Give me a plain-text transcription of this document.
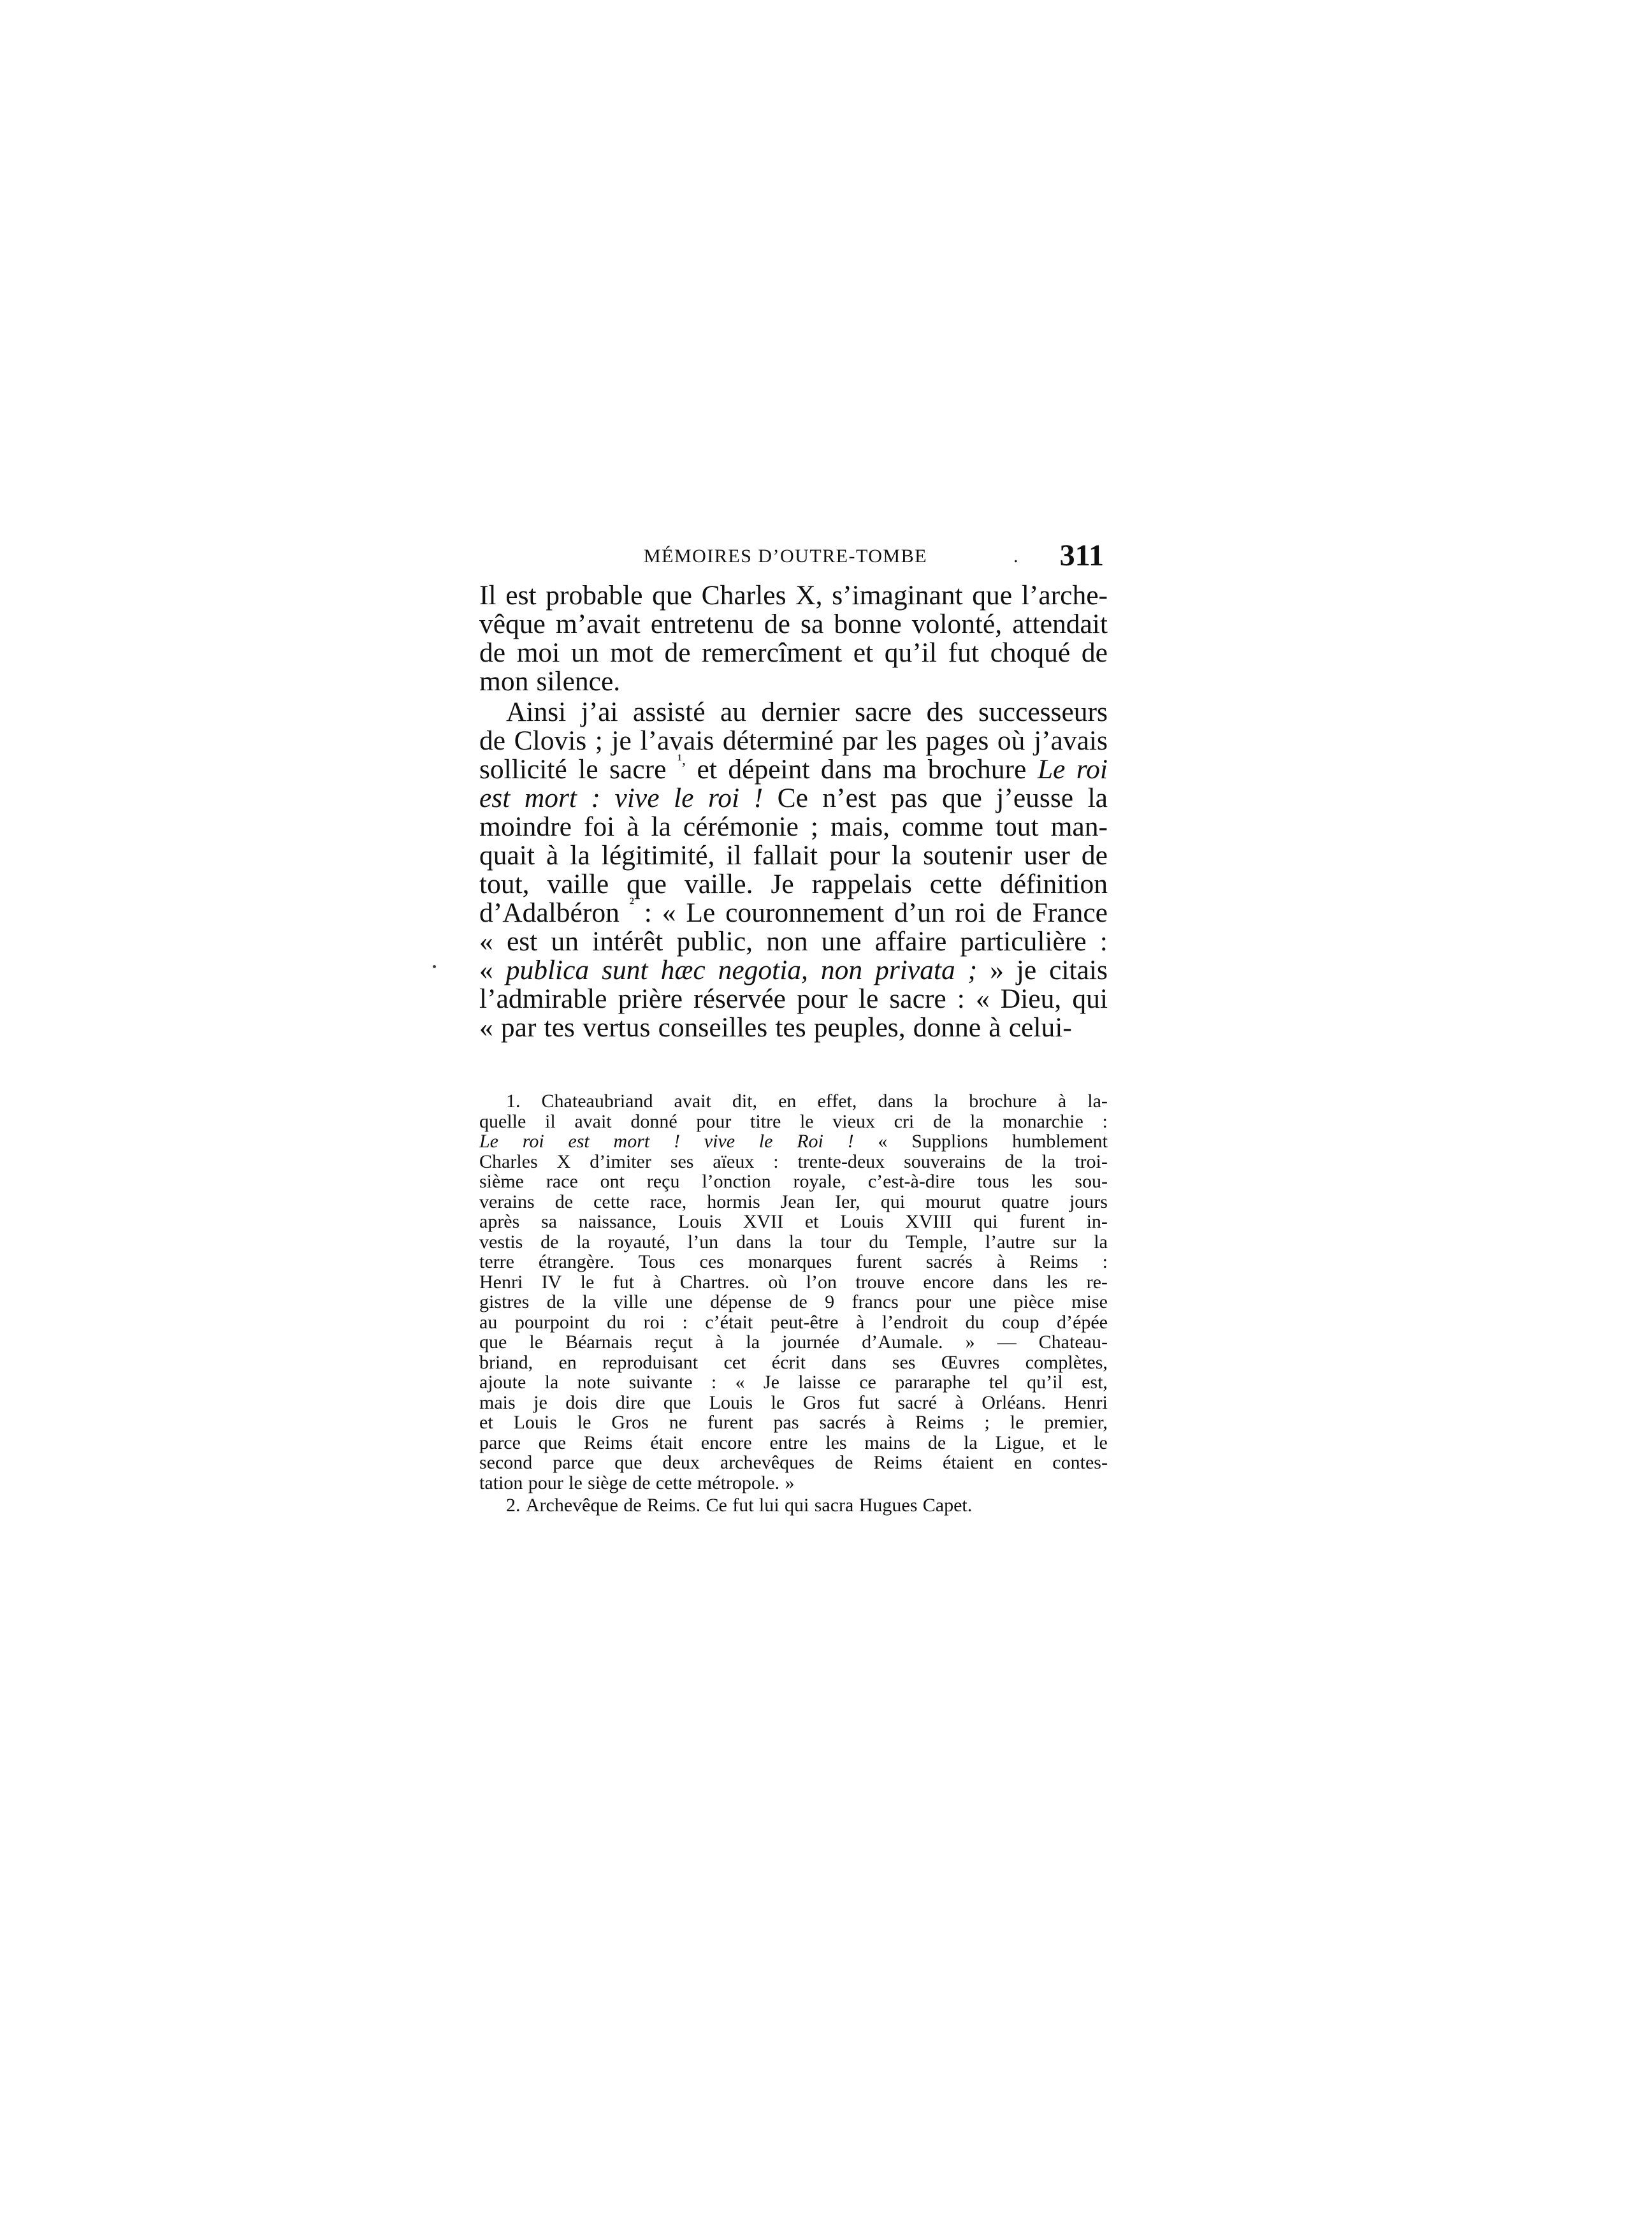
MÉMOIRES D’OUTRE-TOMBE	. 311
Il est probable que Charles X, s’imaginant que l’arche-
vêque m’avait entretenu de sa bonne volonté, attendait
de moi un mot de remercîment et qu’il fut choqué de
mon silence.
Ainsi j’ai assisté au dernier sacre des successeurs
de Clovis ; je l’avais déterminé par les pages où j’avais
sollicité le sacre $^{^1,}$ et dépeint dans ma brochure Le roi
est mort : vive le roi ! Ce n’est pas que j’eusse la
moindre foi à la cérémonie ; mais, comme tout man-
quait à la légitimité, il fallait pour la soutenir user de
tout, vaille que vaille. Je rappelais cette définition
d’Adalbéron $^{^2}$ : « Le couronnement d’un roi de France
« est un intérêt public, non une affaire particulière :
« publica sunt hæc negotia, non privata ; » je citais
l’admirable prière réservée pour le sacre : « Dieu, qui
« par tes vertus conseilles tes peuples, donne à celui-
1. Chateaubriand avait dit, en effet, dans la brochure à la-
quelle il avait donné pour titre le vieux cri de la monarchie :
Le roi est mort ! vive le Roi ! « Supplions humblement
Charles X d’imiter ses aïeux : trente-deux souverains de la troi-
sième race ont reçu l’onction royale, c’est-à-dire tous les sou-
verains de cette race, hormis Jean Ier, qui mourut quatre jours
après sa naissance, Louis XVII et Louis XVIII qui furent in-
vestis de la royauté, l’un dans la tour du Temple, l’autre sur la
terre étrangère. Tous ces monarques furent sacrés à Reims :
Henri IV le fut à Chartres. où l’on trouve encore dans les re-
gistres de la ville une dépense de 9 francs pour une pièce mise
au pourpoint du roi : c’était peut-être à l’endroit du coup d’épée
que le Béarnais reçut à la journée d’Aumale. » — Chateau-
briand, en reproduisant cet écrit dans ses Œuvres complètes,
ajoute la note suivante : « Je laisse ce pararaphe tel qu’il est,
mais je dois dire que Louis le Gros fut sacré à Orléans. Henri
et Louis le Gros ne furent pas sacrés à Reims ; le premier,
parce que Reims était encore entre les mains de la Ligue, et le
second parce que deux archevêques de Reims étaient en contes-
tation pour le siège de cette métropole. »
2. Archevêque de Reims. Ce fut lui qui sacra Hugues Capet.
